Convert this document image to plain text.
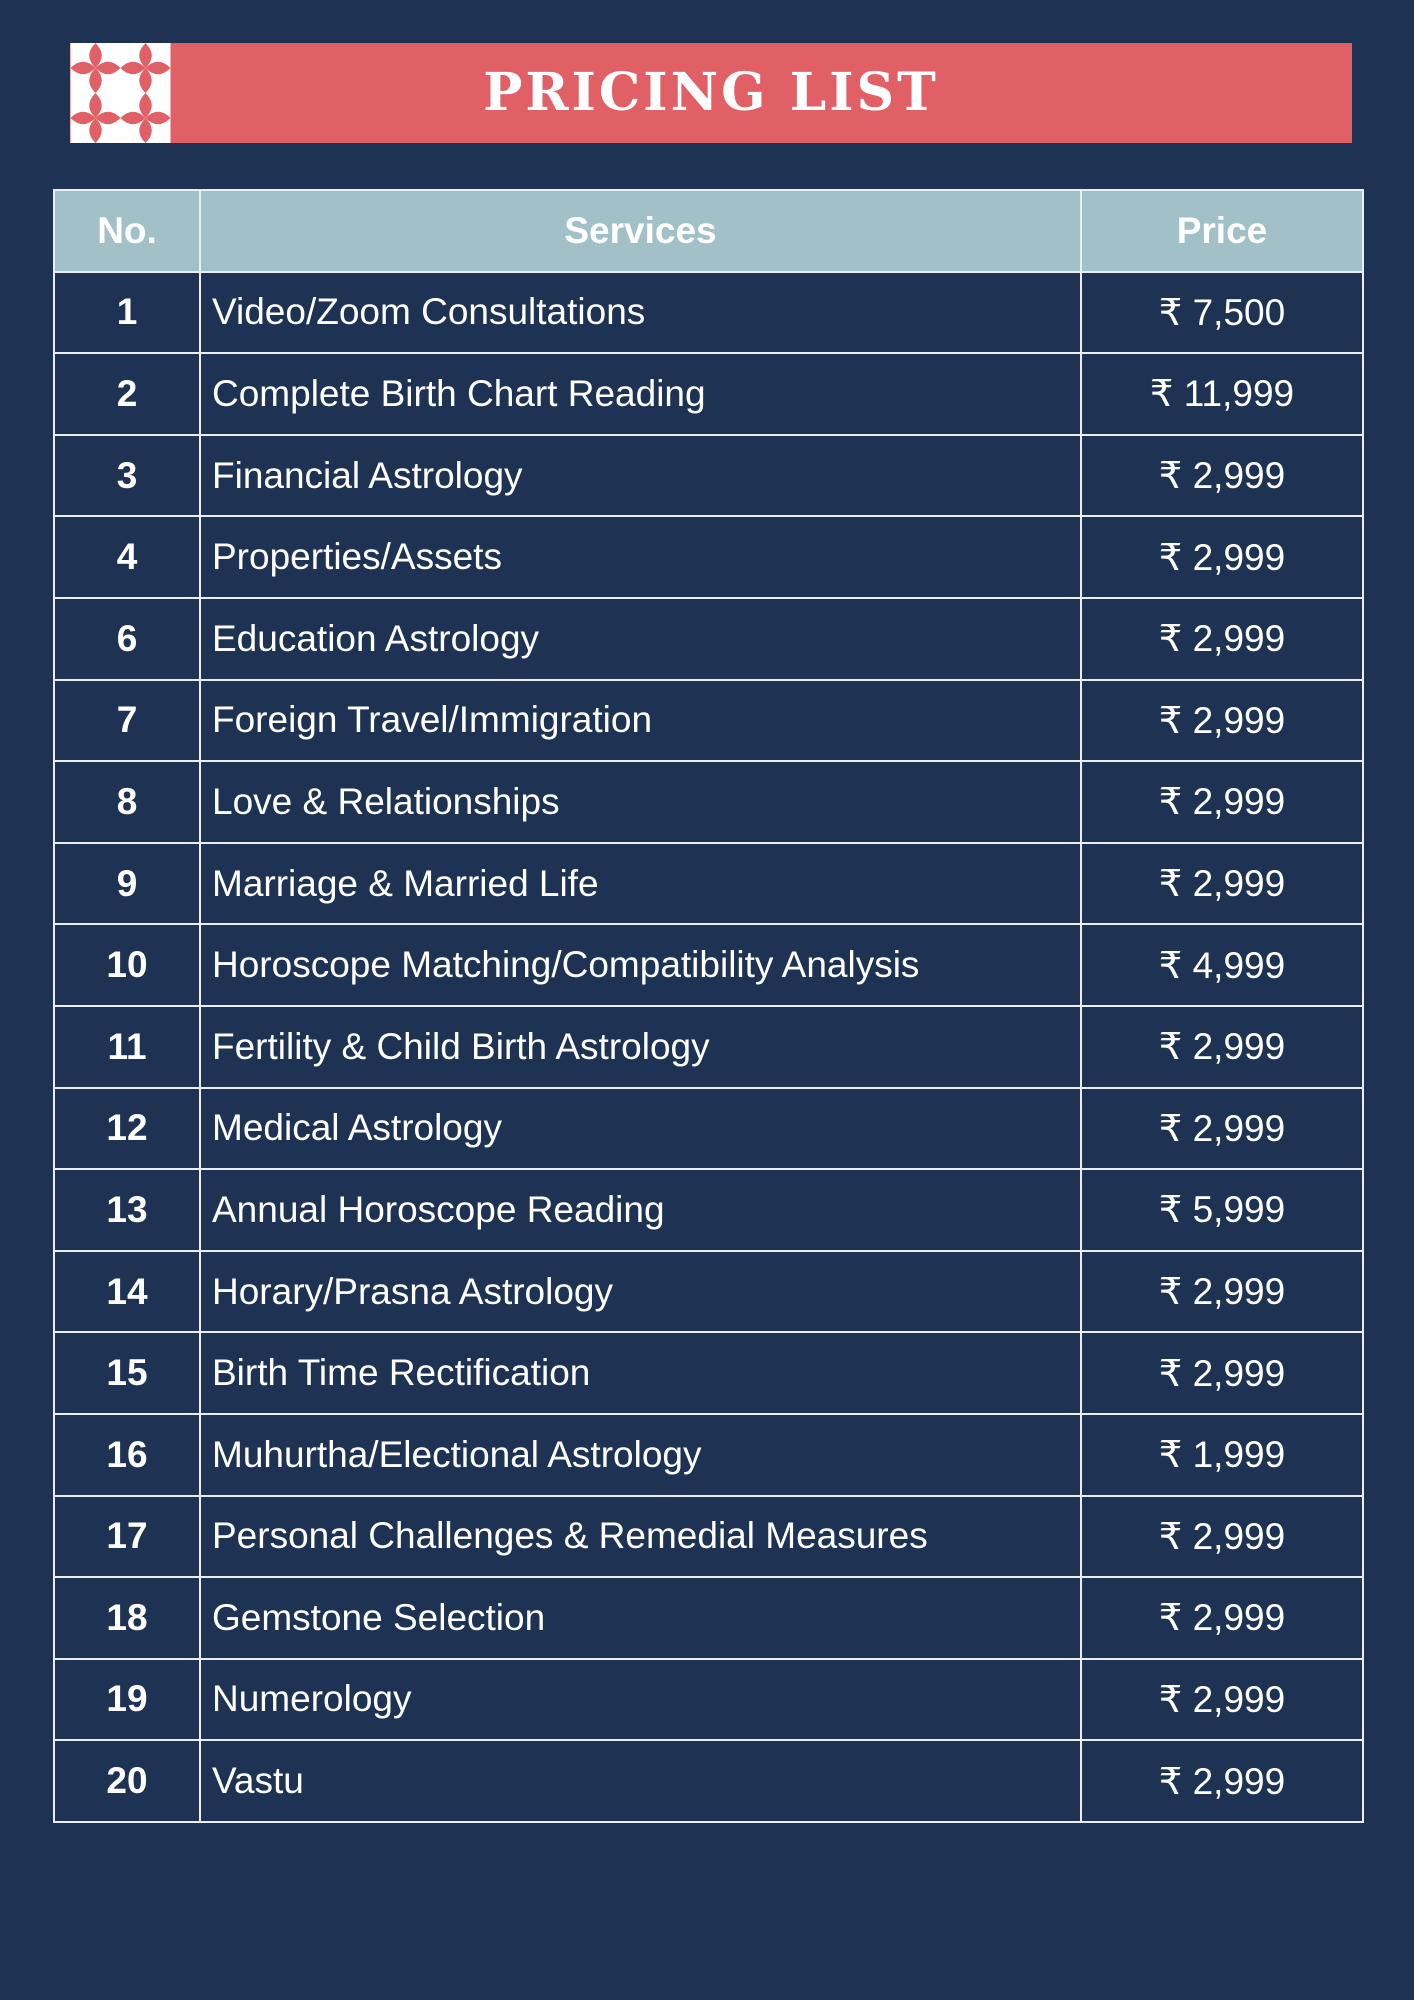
PRICING LIST
No.	Services	Price
1	Video/Zoom Consultations	₹ 7,500
2	Complete Birth Chart Reading	₹ 11,999
3	Financial Astrology	₹ 2,999
4	Properties/Assets	₹ 2,999
6	Education Astrology	₹ 2,999
7	Foreign Travel/Immigration	₹ 2,999
8	Love & Relationships	₹ 2,999
9	Marriage & Married Life	₹ 2,999
10	Horoscope Matching/Compatibility Analysis	₹ 4,999
11	Fertility & Child Birth Astrology	₹ 2,999
12	Medical Astrology	₹ 2,999
13	Annual Horoscope Reading	₹ 5,999
14	Horary/Prasna Astrology	₹ 2,999
15	Birth Time Rectification	₹ 2,999
16	Muhurtha/Electional Astrology	₹ 1,999
17	Personal Challenges & Remedial Measures	₹ 2,999
18	Gemstone Selection	₹ 2,999
19	Numerology	₹ 2,999
20	Vastu	₹ 2,999
